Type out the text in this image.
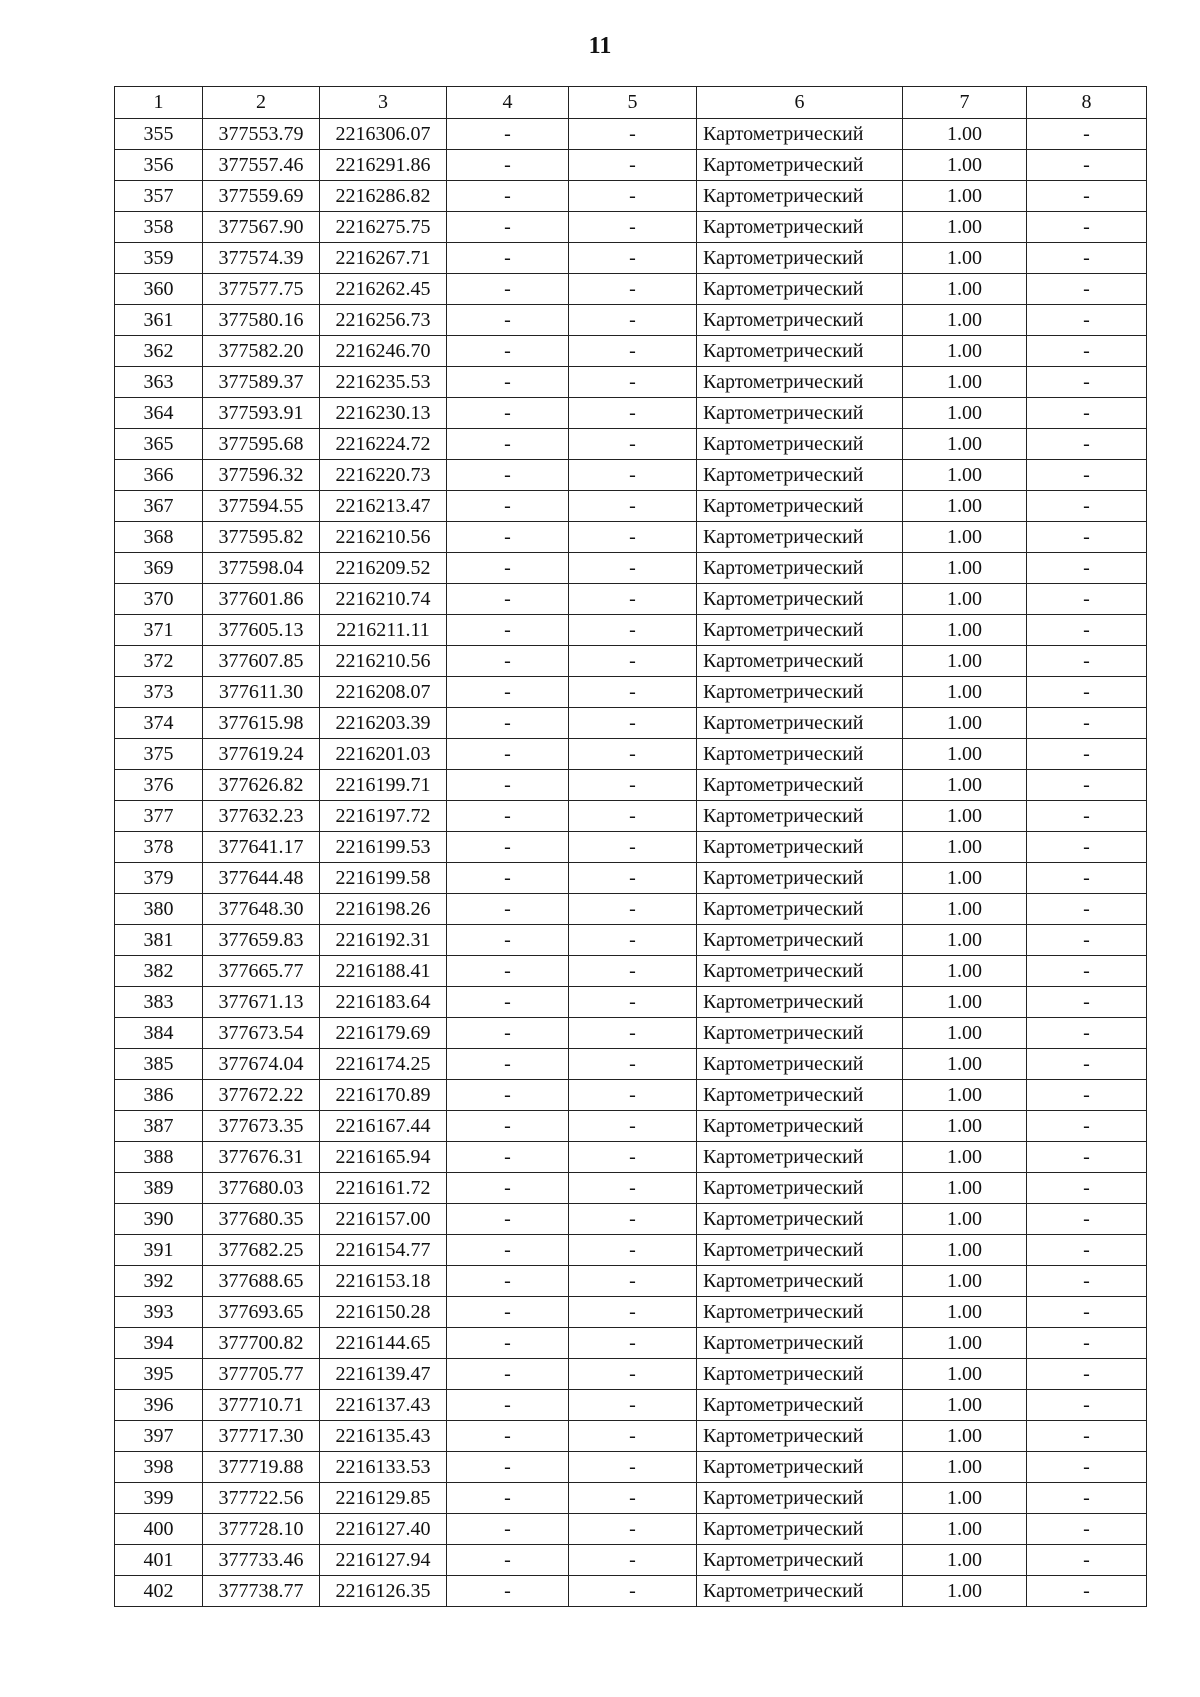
11
1	2	3	4	5	6	7	8
355	377553.79	2216306.07	-	-	Картометрический	1.00	-
356	377557.46	2216291.86	-	-	Картометрический	1.00	-
357	377559.69	2216286.82	-	-	Картометрический	1.00	-
358	377567.90	2216275.75	-	-	Картометрический	1.00	-
359	377574.39	2216267.71	-	-	Картометрический	1.00	-
360	377577.75	2216262.45	-	-	Картометрический	1.00	-
361	377580.16	2216256.73	-	-	Картометрический	1.00	-
362	377582.20	2216246.70	-	-	Картометрический	1.00	-
363	377589.37	2216235.53	-	-	Картометрический	1.00	-
364	377593.91	2216230.13	-	-	Картометрический	1.00	-
365	377595.68	2216224.72	-	-	Картометрический	1.00	-
366	377596.32	2216220.73	-	-	Картометрический	1.00	-
367	377594.55	2216213.47	-	-	Картометрический	1.00	-
368	377595.82	2216210.56	-	-	Картометрический	1.00	-
369	377598.04	2216209.52	-	-	Картометрический	1.00	-
370	377601.86	2216210.74	-	-	Картометрический	1.00	-
371	377605.13	2216211.11	-	-	Картометрический	1.00	-
372	377607.85	2216210.56	-	-	Картометрический	1.00	-
373	377611.30	2216208.07	-	-	Картометрический	1.00	-
374	377615.98	2216203.39	-	-	Картометрический	1.00	-
375	377619.24	2216201.03	-	-	Картометрический	1.00	-
376	377626.82	2216199.71	-	-	Картометрический	1.00	-
377	377632.23	2216197.72	-	-	Картометрический	1.00	-
378	377641.17	2216199.53	-	-	Картометрический	1.00	-
379	377644.48	2216199.58	-	-	Картометрический	1.00	-
380	377648.30	2216198.26	-	-	Картометрический	1.00	-
381	377659.83	2216192.31	-	-	Картометрический	1.00	-
382	377665.77	2216188.41	-	-	Картометрический	1.00	-
383	377671.13	2216183.64	-	-	Картометрический	1.00	-
384	377673.54	2216179.69	-	-	Картометрический	1.00	-
385	377674.04	2216174.25	-	-	Картометрический	1.00	-
386	377672.22	2216170.89	-	-	Картометрический	1.00	-
387	377673.35	2216167.44	-	-	Картометрический	1.00	-
388	377676.31	2216165.94	-	-	Картометрический	1.00	-
389	377680.03	2216161.72	-	-	Картометрический	1.00	-
390	377680.35	2216157.00	-	-	Картометрический	1.00	-
391	377682.25	2216154.77	-	-	Картометрический	1.00	-
392	377688.65	2216153.18	-	-	Картометрический	1.00	-
393	377693.65	2216150.28	-	-	Картометрический	1.00	-
394	377700.82	2216144.65	-	-	Картометрический	1.00	-
395	377705.77	2216139.47	-	-	Картометрический	1.00	-
396	377710.71	2216137.43	-	-	Картометрический	1.00	-
397	377717.30	2216135.43	-	-	Картометрический	1.00	-
398	377719.88	2216133.53	-	-	Картометрический	1.00	-
399	377722.56	2216129.85	-	-	Картометрический	1.00	-
400	377728.10	2216127.40	-	-	Картометрический	1.00	-
401	377733.46	2216127.94	-	-	Картометрический	1.00	-
402	377738.77	2216126.35	-	-	Картометрический	1.00	-
